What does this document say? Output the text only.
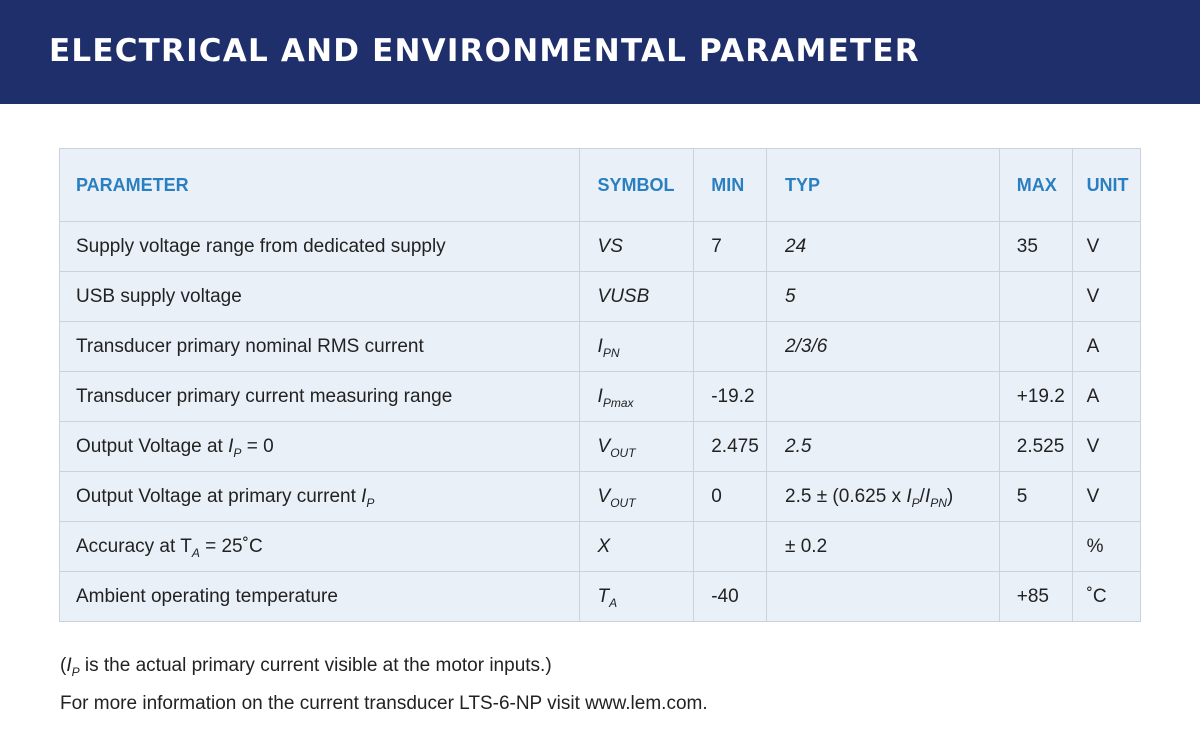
ELECTRICAL AND ENVIRONMENTAL PARAMETER
PARAMETER	SYMBOL	MIN	TYP	MAX	UNIT
Supply voltage range from dedicated supply	VS	7	24	35	V
USB supply voltage	VUSB		5		V
Transducer primary nominal RMS current	$I_{PN}$		2/3/6		A
Transducer primary current measuring range	$I_{Pmax}$	-19.2		+19.2	A
Output Voltage at $I_P = 0$	$V_{OUT}$	2.475	2.5	2.525	V
Output Voltage at primary current $I_P$	$V_{OUT}$	0	2.5 ± (0.625 x $I_P/I_{PN}$)	5	V
Accuracy at $T_A$ = 25˚C	X		± 0.2		%
Ambient operating temperature	$T_A$	-40		+85	˚C

($I_P$ is the actual primary current visible at the motor inputs.)

For more information on the current transducer LTS-6-NP visit www.lem.com.
